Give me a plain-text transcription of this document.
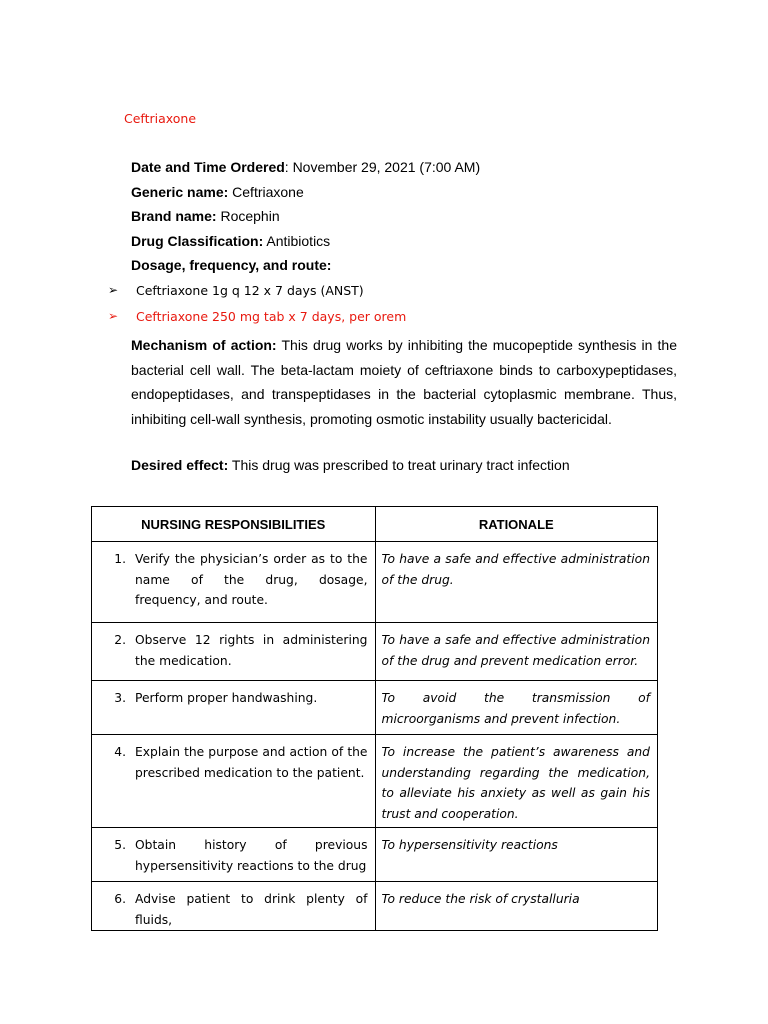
Ceftriaxone
Date and Time Ordered: November 29, 2021 (7:00 AM)
Generic name: Ceftriaxone
Brand name: Rocephin
Drug Classification: Antibiotics
Dosage, frequency, and route:
➢ Ceftriaxone 1g q 12 x 7 days (ANST)
➢ Ceftriaxone 250 mg tab x 7 days, per orem
Mechanism of action: This drug works by inhibiting the mucopeptide synthesis in the bacterial cell wall. The beta-lactam moiety of ceftriaxone binds to carboxypeptidases, endopeptidases, and transpeptidases in the bacterial cytoplasmic membrane. Thus, inhibiting cell-wall synthesis, promoting osmotic instability usually bactericidal.
Desired effect: This drug was prescribed to treat urinary tract infection
NURSING RESPONSIBILITIES	RATIONALE

1. Verify the physician’s order as to the name of the drug, dosage, frequency, and route.	To have a safe and effective administration of the drug.

2. Observe 12 rights in administering the medication.	To have a safe and effective administration of the drug and prevent medication error.

3. Perform proper handwashing.	To avoid the transmission of microorganisms and prevent infection.

4. Explain the purpose and action of the prescribed medication to the patient.	To increase the patient’s awareness and understanding regarding the medication, to alleviate his anxiety as well as gain his trust and cooperation.

5. Obtain history of previous hypersensitivity reactions to the drug	To hypersensitivity reactions

6. Advise patient to drink plenty of fluids,	To reduce the risk of crystalluria
